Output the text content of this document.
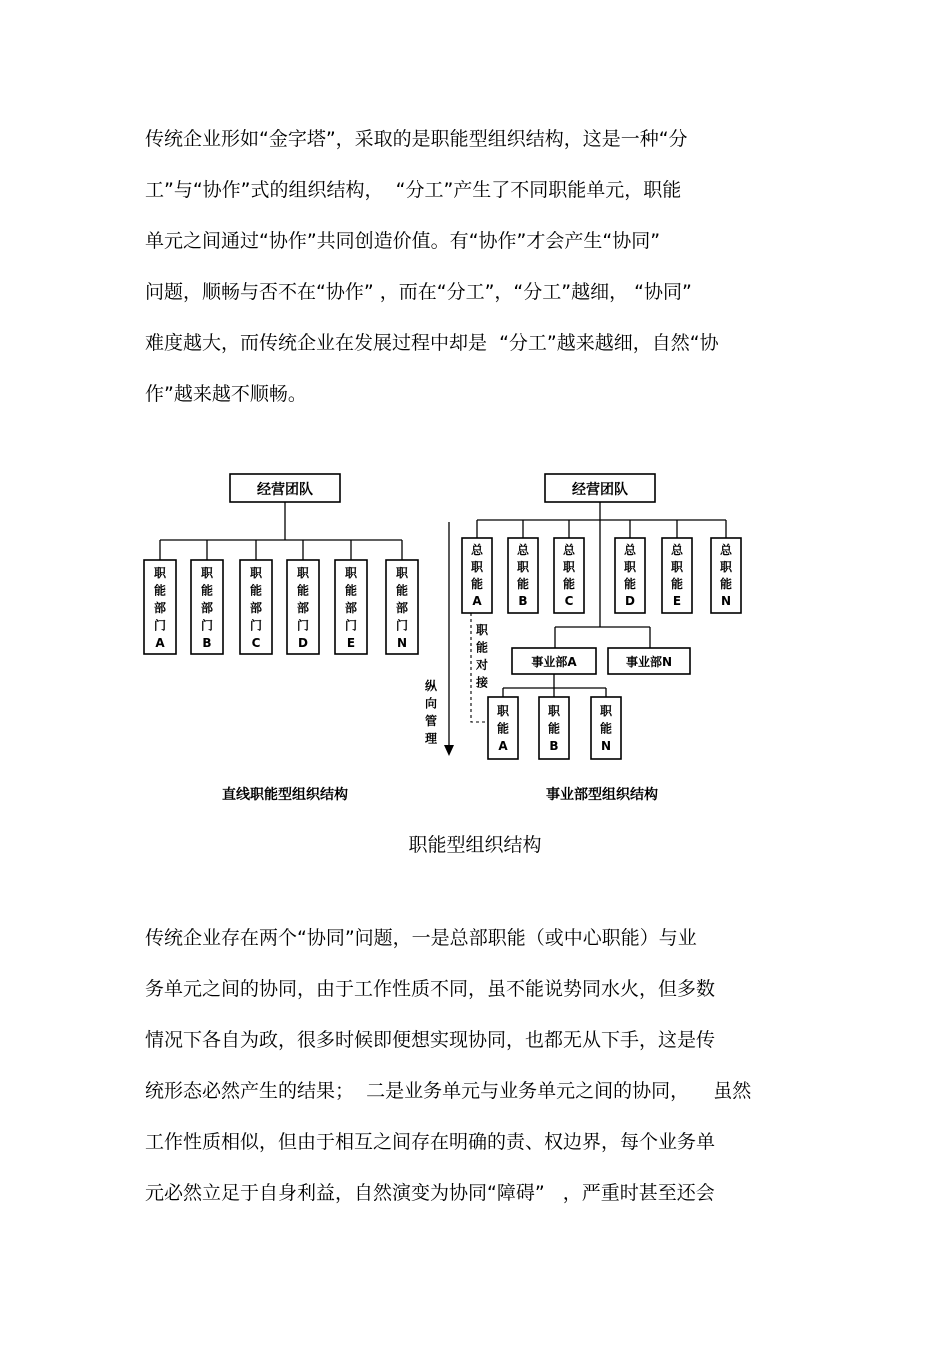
传统企业形如“金字塔”，采取的是职能型组织结构，这是一种“分
工”与“协作”式的组织结构，  “分工”产生了不同职能单元，职能
单元之间通过“协作”共同创造价值。有“协作”才会产生“协同”
问题，顺畅与否不在“协作” ，而在“分工”，“分工”越细， “协同”
难度越大，而传统企业在发展过程中却是  “分工”越来越细，自然“协
作”越来越不顺畅。
经营团队
职
能
部
门
A
职
能
部
门
B
职
能
部
门
C
职
能
部
门
D
职
能
部
门
E
职
能
部
门
N
直线职能型组织结构
经营团队
总
职
能
A
总
职
能
B
总
职
能
C
总
职
能
D
总
职
能
E
总
职
能
N
事业部A	事业部N
职
能
A
职
能
B
职
能
N
职
能
对
接
纵
向
管
理
事业部型组织结构
职能型组织结构
传统企业存在两个“协同”问题，一是总部职能（或中心职能）与业
务单元之间的协同，由于工作性质不同，虽不能说势同水火，但多数
情况下各自为政，很多时候即便想实现协同，也都无从下手，这是传
统形态必然产生的结果；  二是业务单元与业务单元之间的协同，    虽然
工作性质相似，但由于相互之间存在明确的责、权边界，每个业务单
元必然立足于自身利益，自然演变为协同“障碍”   ，严重时甚至还会
